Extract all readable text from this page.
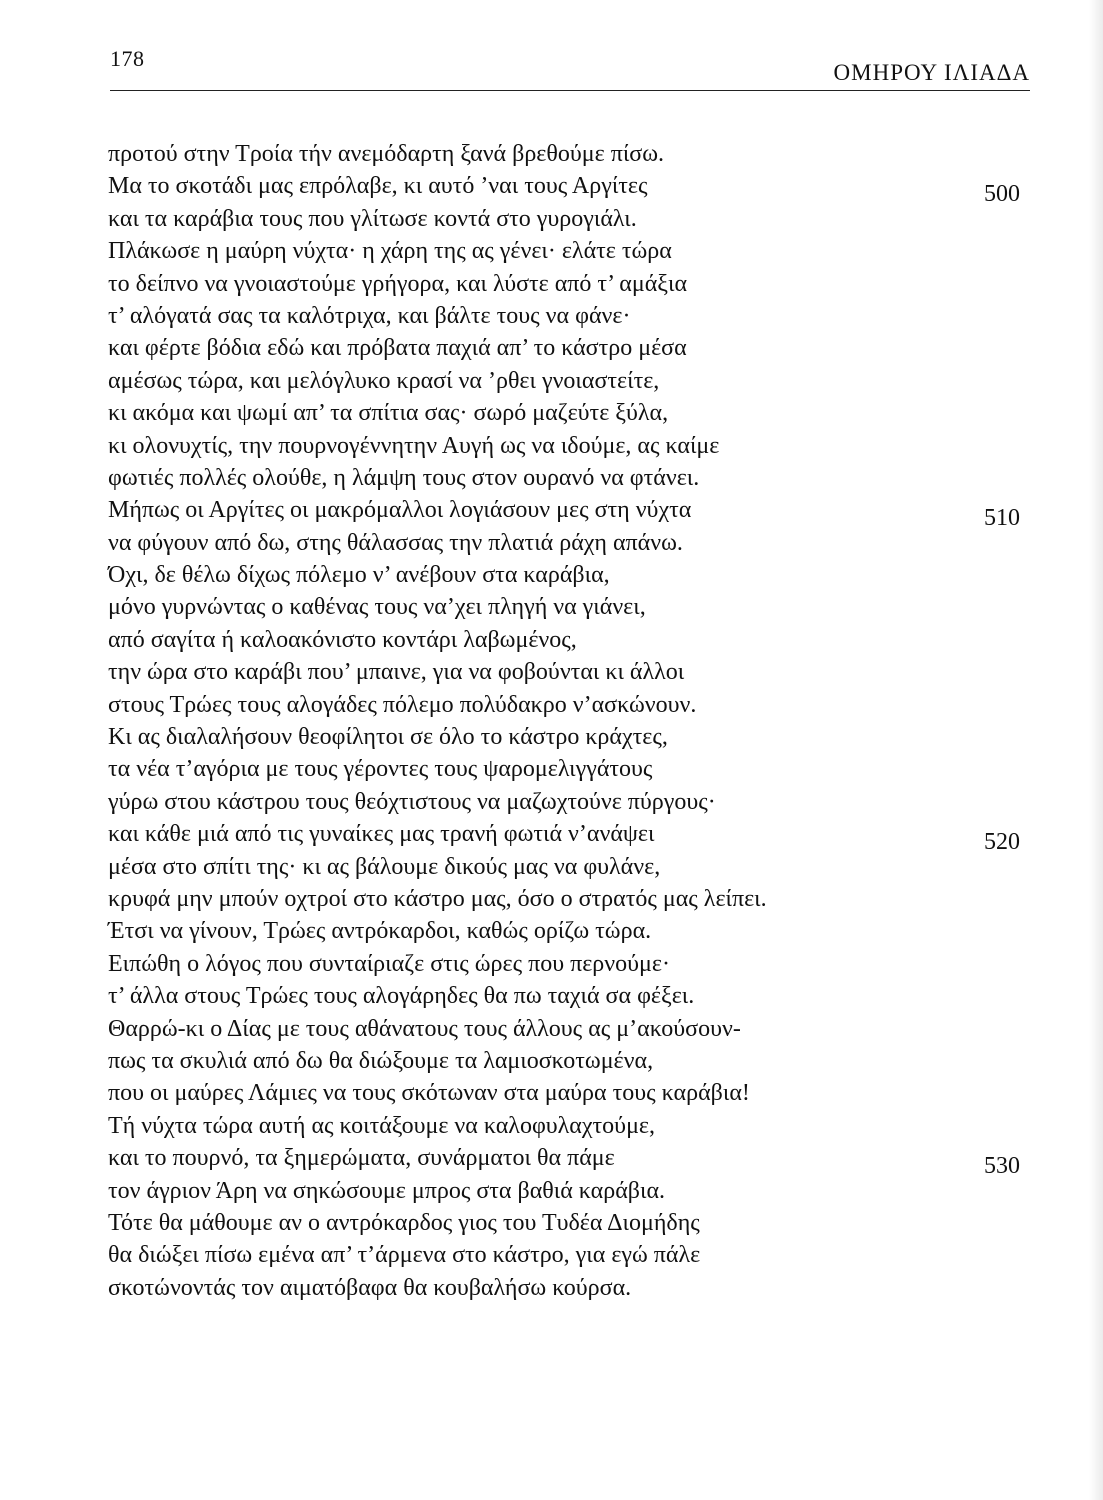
178
ΟΜΗΡΟΥ ΙΛΙΑΔΑ
προτού στην Τροία τήν ανεμόδαρτη ξανά βρεθούμε πίσω.
Μα το σκοτάδι μας επρόλαβε, κι αυτό ’ναι τους Αργίτες	500
και τα καράβια τους που γλίτωσε κοντά στο γυρογιάλι.
Πλάκωσε η μαύρη νύχτα· η χάρη της ας γένει· ελάτε τώρα
το δείπνο να γνοιαστούμε γρήγορα, και λύστε από τ’ αμάξια
τ’ αλόγατά σας τα καλότριχα, και βάλτε τους να φάνε·
και φέρτε βόδια εδώ και πρόβατα παχιά απ’ το κάστρο μέσα
αμέσως τώρα, και μελόγλυκο κρασί να ’ρθει γνοιαστείτε,
κι ακόμα και ψωμί απ’ τα σπίτια σας· σωρό μαζεύτε ξύλα,
κι ολονυχτίς, την πουρνογέννητην Αυγή ως να ιδούμε, ας καίμε
φωτιές πολλές ολούθε, η λάμψη τους στον ουρανό να φτάνει.
Μήπως οι Αργίτες οι μακρόμαλλοι λογιάσουν μες στη νύχτα	510
να φύγουν από δω, στης θάλασσας την πλατιά ράχη απάνω.
Όχι, δε θέλω δίχως πόλεμο ν’ ανέβουν στα καράβια,
μόνο γυρνώντας ο καθένας τους να’χει πληγή να γιάνει,
από σαγίτα ή καλοακόνιστο κοντάρι λαβωμένος,
την ώρα στο καράβι που’ μπαινε, για να φοβούνται κι άλλοι
στους Τρώες τους αλογάδες πόλεμο πολύδακρο ν’ασκώνουν.
Κι ας διαλαλήσουν θεοφίλητοι σε όλο το κάστρο κράχτες,
τα νέα τ’αγόρια με τους γέροντες τους ψαρομελιγγάτους
γύρω στου κάστρου τους θεόχτιστους να μαζωχτούνε πύργους·
και κάθε μιά από τις γυναίκες μας τρανή φωτιά ν’ανάψει	520
μέσα στο σπίτι της· κι ας βάλουμε δικούς μας να φυλάνε,
κρυφά μην μπούν οχτροί στο κάστρο μας, όσο ο στρατός μας λείπει.
Έτσι να γίνουν, Τρώες αντρόκαρδοι, καθώς ορίζω τώρα.
Ειπώθη ο λόγος που συνταίριαζε στις ώρες που περνούμε·
τ’ άλλα στους Τρώες τους αλογάρηδες θα πω ταχιά σα φέξει.
Θαρρώ-κι ο Δίας με τους αθάνατους τους άλλους ας μ’ακούσουν-
πως τα σκυλιά από δω θα διώξουμε τα λαμιοσκοτωμένα,
που οι μαύρες Λάμιες να τους σκότωναν στα μαύρα τους καράβια!
Τή νύχτα τώρα αυτή ας κοιτάξουμε να καλοφυλαχτούμε,
και το πουρνό, τα ξημερώματα, συνάρματοι θα πάμε	530
τον άγριον Άρη να σηκώσουμε μπρος στα βαθιά καράβια.
Τότε θα μάθουμε αν ο αντρόκαρδος γιος του Τυδέα Διομήδης
θα διώξει πίσω εμένα απ’ τ’άρμενα στο κάστρο, για εγώ πάλε
σκοτώνοντάς τον αιματόβαφα θα κουβαλήσω κούρσα.
